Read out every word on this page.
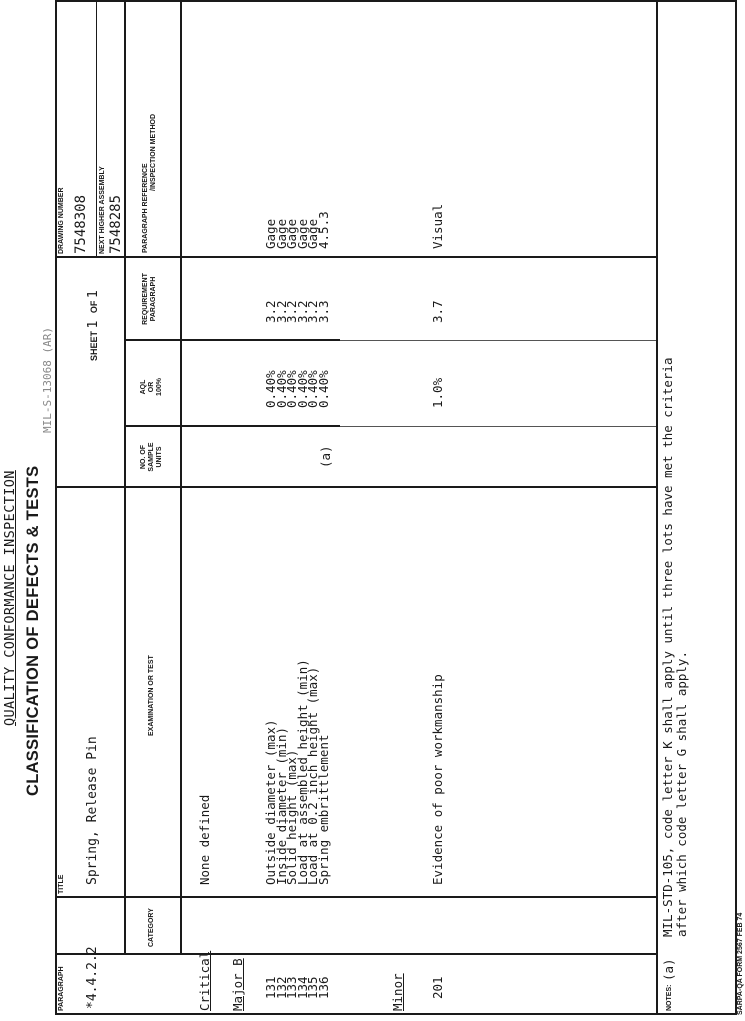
QUALITY CONFORMANCE INSPECTION CLASSIFICATION OF DEFECTS & TESTS
MIL-S-13068 (AR)
PARAGRAPH *4.4.2.2
TITLE Spring, Release Pin
SHEET 1   OF 1
DRAWING NUMBER 7548308 NEXT HIGHER ASSEMBLY 7548285
CATEGORY
EXAMINATION OR TEST
NO. OF SAMPLE UNITS
AQL OR 100%
REQUIREMENT PARAGRAPH
PARAGRAPH REFERENCE
/INSPECTION METHOD
Critical
None defined
Major B 131
132
133
134
135
136
Outside diameter (max)
Inside diameter (min)
Solid height (max)
Load at assembled height (min)
Load at 0.2 inch height (max)
Spring embrittlement
(a)
0.40%
0.40%
0.40%
0.40%
0.40%
0.40%
3.2
3.2
3.2
3.2
3.2
3.3
Gage
Gage
Gage
Gage
Gage
4.5.3
Minor 201
Evidence of poor workmanship
1.0%
3.7
Visual
NOTES:
(a)
MIL-STD-105, code letter K shall apply until three lots have met the criteria after which code letter G shall apply.
SARPA-QA FORM 2567 FEB 74
